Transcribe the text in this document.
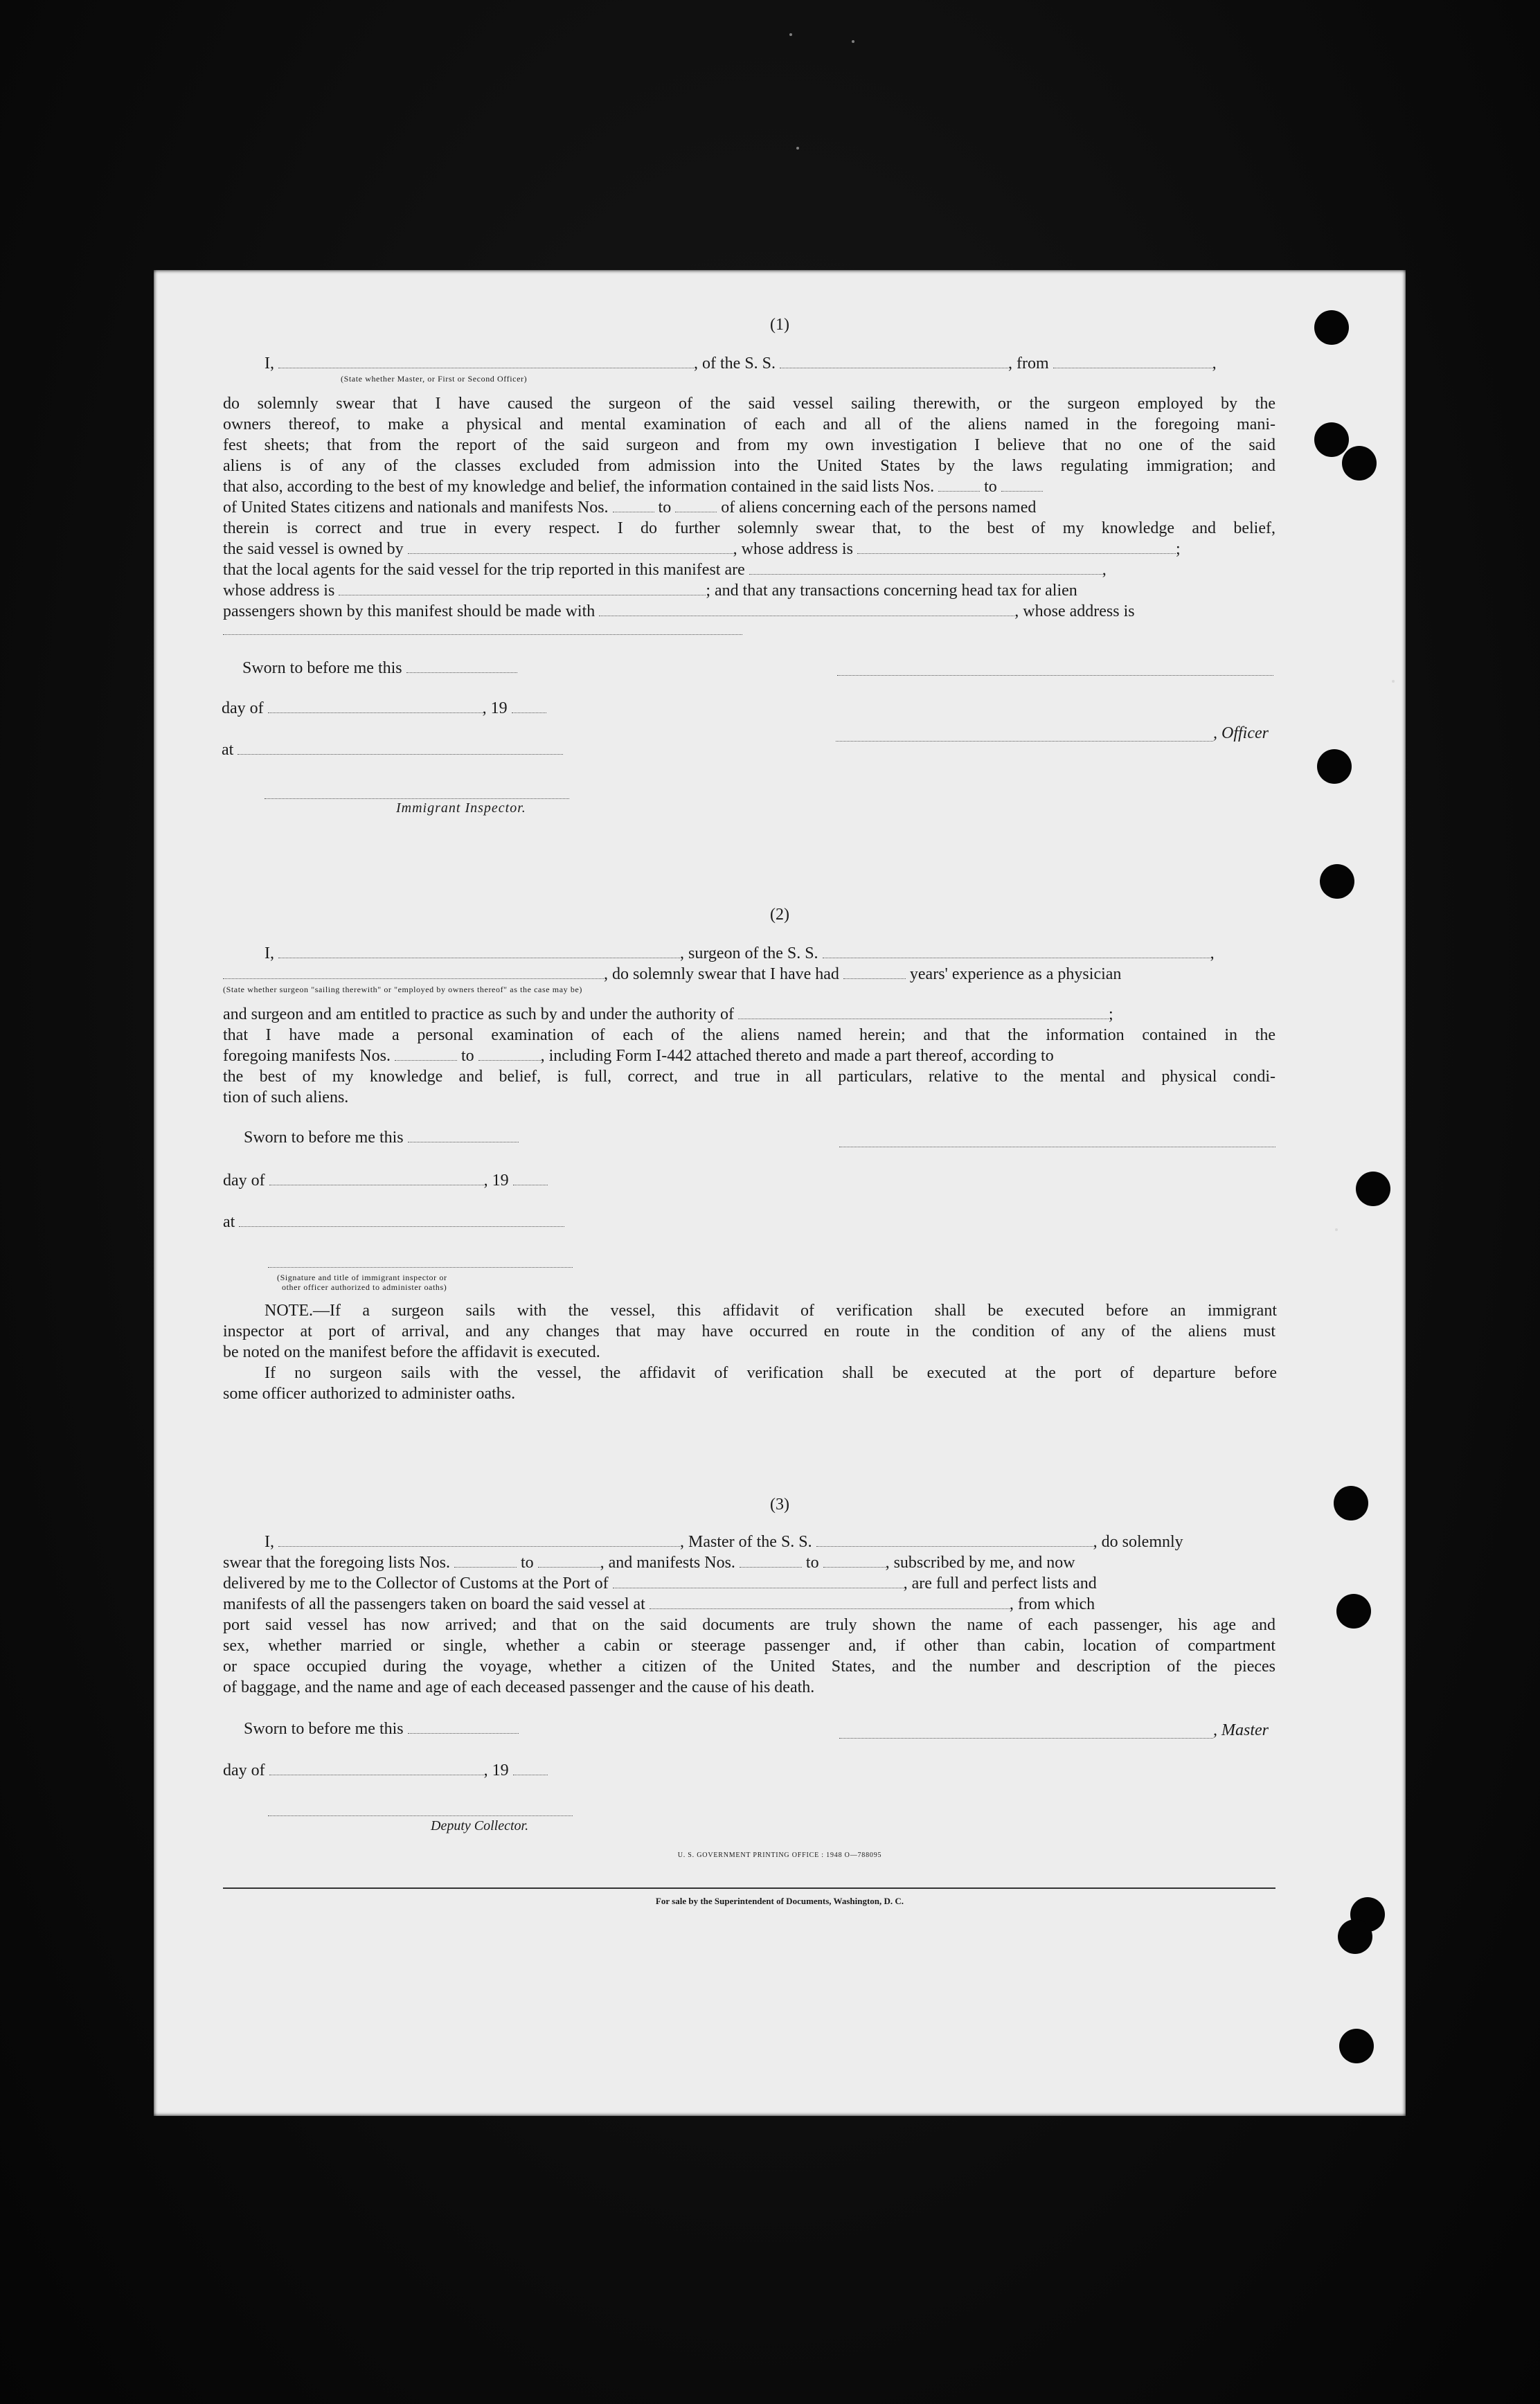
(1)
I,	, of the S. S.	, from	,
(State whether Master, or First or Second Officer)
do solemnly swear that I have caused the surgeon of the said vessel sailing therewith, or the surgeon employed by the
owners thereof, to make a physical and mental examination of each and all of the aliens named in the foregoing mani-
fest sheets; that from the report of the said surgeon and from my own investigation I believe that no one of the said
aliens is of any of the classes excluded from admission into the United States by the laws regulating immigration; and
that also, according to the best of my knowledge and belief, the information contained in the said lists Nos.	to
of United States citizens and nationals and manifests Nos.	to	of aliens concerning each of the persons named
therein is correct and true in every respect. I do further solemnly swear that, to the best of my knowledge and belief,
the said vessel is owned by	, whose address is	;
that the local agents for the said vessel for the trip reported in this manifest are	,
whose address is	; and that any transactions concerning head tax for alien
passengers shown by this manifest should be made with	, whose address is
Sworn to before me this
day of	, 19
, Officer
at
Immigrant Inspector.
(2)
I,	, surgeon of the S. S.	,
, do solemnly swear that I have had	years' experience as a physician
(State whether surgeon "sailing therewith" or "employed by owners thereof" as the case may be)
and surgeon and am entitled to practice as such by and under the authority of	;
that I have made a personal examination of each of the aliens named herein; and that the information contained in the
foregoing manifests Nos.	to	, including Form I-442 attached thereto and made a part thereof, according to
the best of my knowledge and belief, is full, correct, and true in all particulars, relative to the mental and physical condi-
tion of such aliens.
Sworn to before me this
day of	, 19
at
(Signature and title of immigrant inspector or
other officer authorized to administer oaths)
NOTE.—If a surgeon sails with the vessel, this affidavit of verification shall be executed before an immigrant
inspector at port of arrival, and any changes that may have occurred en route in the condition of any of the aliens must
be noted on the manifest before the affidavit is executed.
If no surgeon sails with the vessel, the affidavit of verification shall be executed at the port of departure before
some officer authorized to administer oaths.
(3)
I,	, Master of the S. S.	, do solemnly
swear that the foregoing lists Nos.	to	, and manifests Nos.	to	, subscribed by me, and now
delivered by me to the Collector of Customs at the Port of	, are full and perfect lists and
manifests of all the passengers taken on board the said vessel at	, from which
port said vessel has now arrived; and that on the said documents are truly shown the name of each passenger, his age and
sex, whether married or single, whether a cabin or steerage passenger and, if other than cabin, location of compartment
or space occupied during the voyage, whether a citizen of the United States, and the number and description of the pieces
of baggage, and the name and age of each deceased passenger and the cause of his death.
Sworn to before me this	, Master
day of	, 19
Deputy Collector.
U. S. GOVERNMENT PRINTING OFFICE : 1948 O—788095
For sale by the Superintendent of Documents, Washington, D. C.
